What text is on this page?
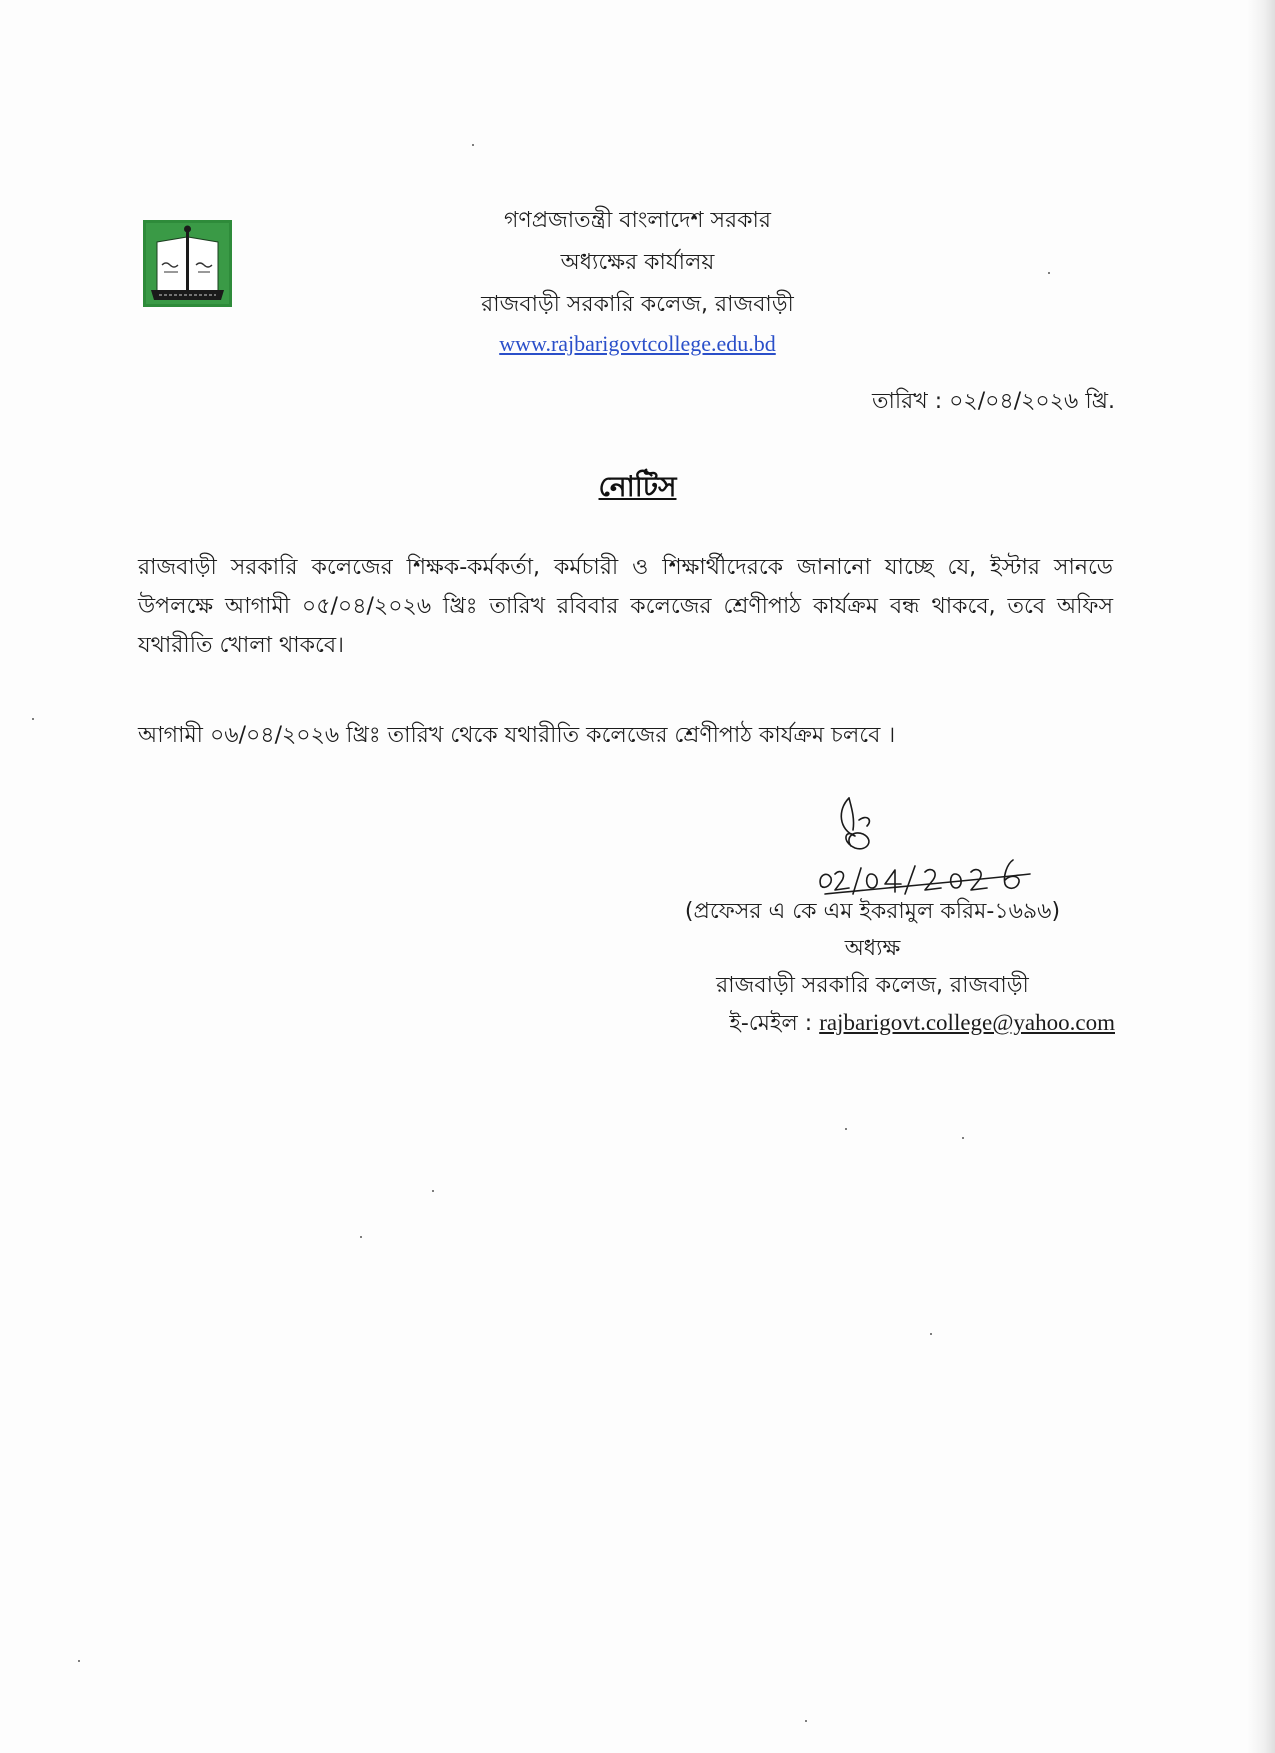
গণপ্রজাতন্ত্রী বাংলাদেশ সরকার
অধ্যক্ষের কার্যালয়
রাজবাড়ী সরকারি কলেজ, রাজবাড়ী
www.rajbarigovtcollege.edu.bd
তারিখ : ০২/০৪/২০২৬ খ্রি.
নোটিস
রাজবাড়ী সরকারি কলেজের শিক্ষক-কর্মকর্তা, কর্মচারী ও শিক্ষার্থীদেরকে জানানো যাচ্ছে যে, ইস্টার সানডে উপলক্ষে আগামী ০৫/০৪/২০২৬ খ্রিঃ তারিখ রবিবার কলেজের শ্রেণীপাঠ কার্যক্রম বন্ধ থাকবে, তবে অফিস যথারীতি খোলা থাকবে।
আগামী ০৬/০৪/২০২৬ খ্রিঃ তারিখ থেকে যথারীতি কলেজের শ্রেণীপাঠ কার্যক্রম চলবে ।
(প্রফেসর এ কে এম ইকরামুল করিম-১৬৯৬)
অধ্যক্ষ
রাজবাড়ী সরকারি কলেজ, রাজবাড়ী
ই-মেইল : rajbarigovt.college@yahoo.com
